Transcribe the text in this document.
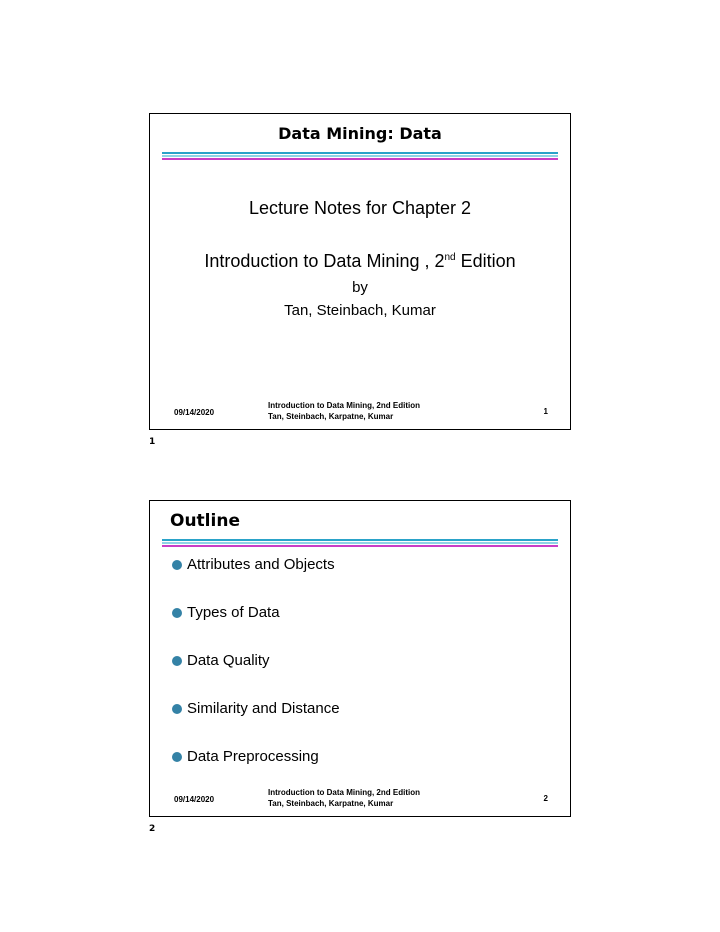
Data Mining: Data
Lecture Notes for Chapter 2
Introduction to Data Mining , 2nd Edition
by
Tan, Steinbach, Kumar
09/14/2020
Introduction to Data Mining, 2nd Edition
Tan, Steinbach, Karpatne, Kumar
1
1
Outline
Attributes and Objects
Types of Data
Data Quality
Similarity and Distance
Data Preprocessing
09/14/2020
Introduction to Data Mining, 2nd Edition
Tan, Steinbach, Karpatne, Kumar
2
2
